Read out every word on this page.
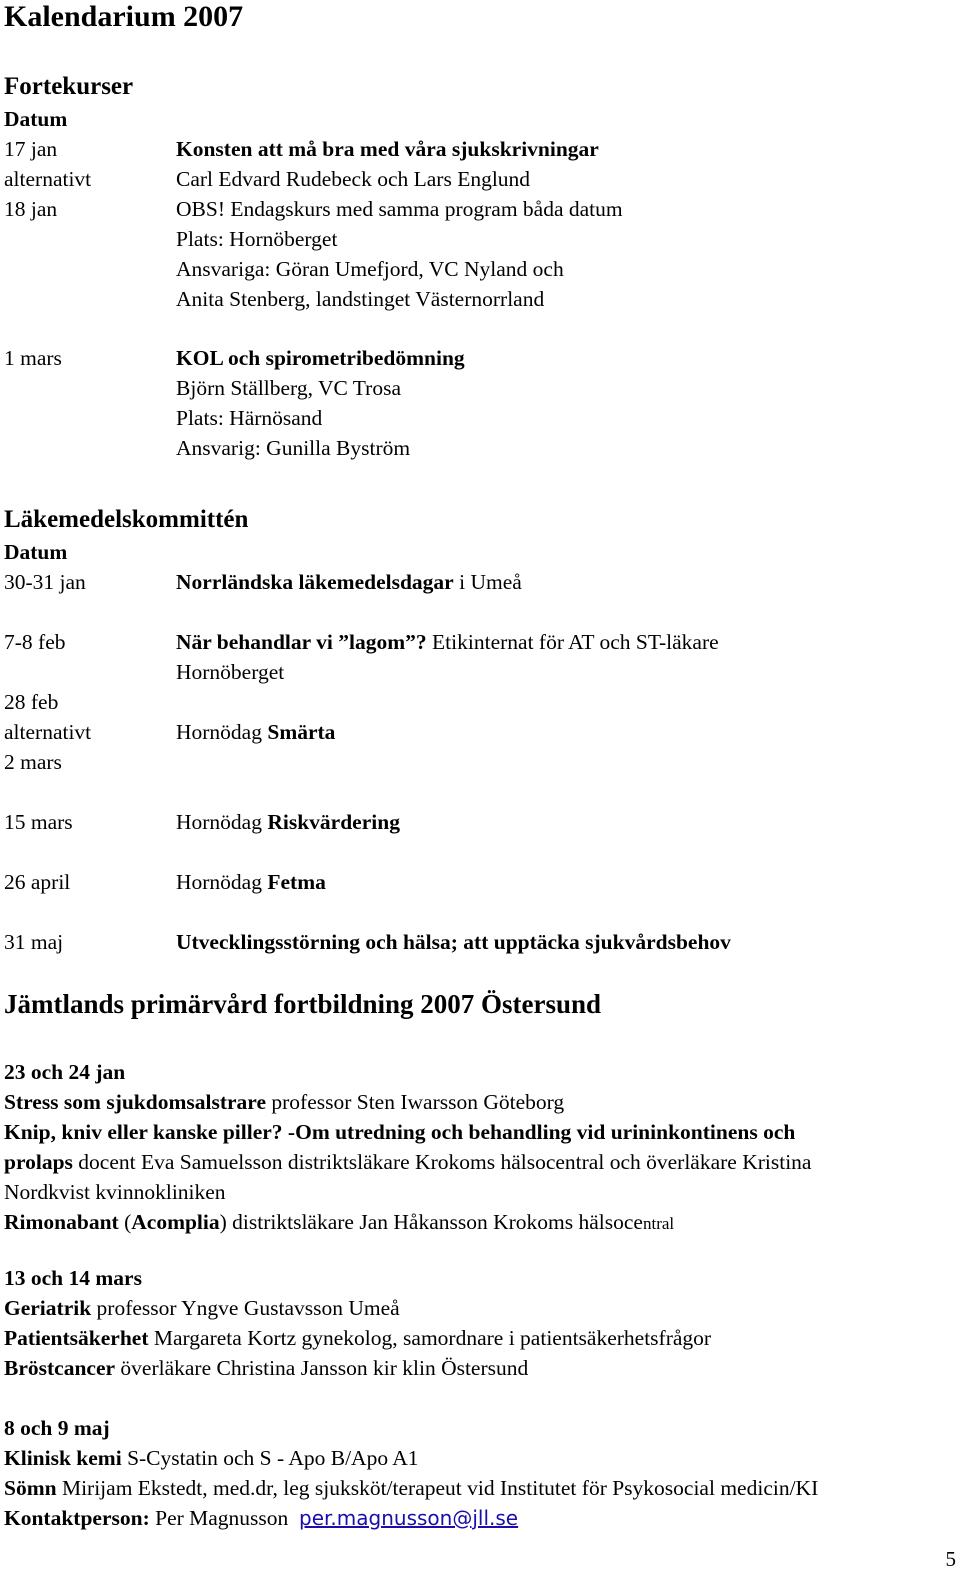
Kalendarium 2007
Fortekurser
Datum
17 jan	Konsten att må bra med våra sjukskrivningar
alternativt	Carl Edvard Rudebeck och Lars Englund
18 jan	OBS! Endagskurs med samma program båda datum
Plats: Hornöberget
Ansvariga: Göran Umefjord, VC Nyland och
Anita Stenberg, landstinget Västernorrland
1 mars	KOL och spirometribedömning
Björn Ställberg, VC Trosa
Plats: Härnösand
Ansvarig: Gunilla Byström
Läkemedelskommittén
Datum
30-31 jan	Norrländska läkemedelsdagar i Umeå
7-8 feb	När behandlar vi ”lagom”? Etikinternat för AT och ST-läkare
Hornöberget
28 feb
alternativt	Hornödag Smärta
2 mars
15 mars	Hornödag Riskvärdering
26 april	Hornödag Fetma
31 maj	Utvecklingsstörning och hälsa; att upptäcka sjukvårdsbehov
Jämtlands primärvård fortbildning 2007 Östersund
23 och 24 jan
Stress som sjukdomsalstrare professor Sten Iwarsson Göteborg
Knip, kniv eller kanske piller? -Om utredning och behandling vid urininkontinens och
prolaps docent Eva Samuelsson distriktsläkare Krokoms hälsocentral och överläkare Kristina
Nordkvist kvinnokliniken
Rimonabant (Acomplia) distriktsläkare Jan Håkansson Krokoms hälsocentral
13 och 14 mars
Geriatrik professor Yngve Gustavsson Umeå
Patientsäkerhet Margareta Kortz gynekolog, samordnare i patientsäkerhetsfrågor
Bröstcancer överläkare Christina Jansson kir klin Östersund
8 och 9 maj
Klinisk kemi S-Cystatin och S - Apo B/Apo A1
Sömn Mirijam Ekstedt, med.dr, leg sjuksköt/terapeut vid Institutet för Psykosocial medicin/KI
Kontaktperson: Per Magnusson  per.magnusson@jll.se
5
